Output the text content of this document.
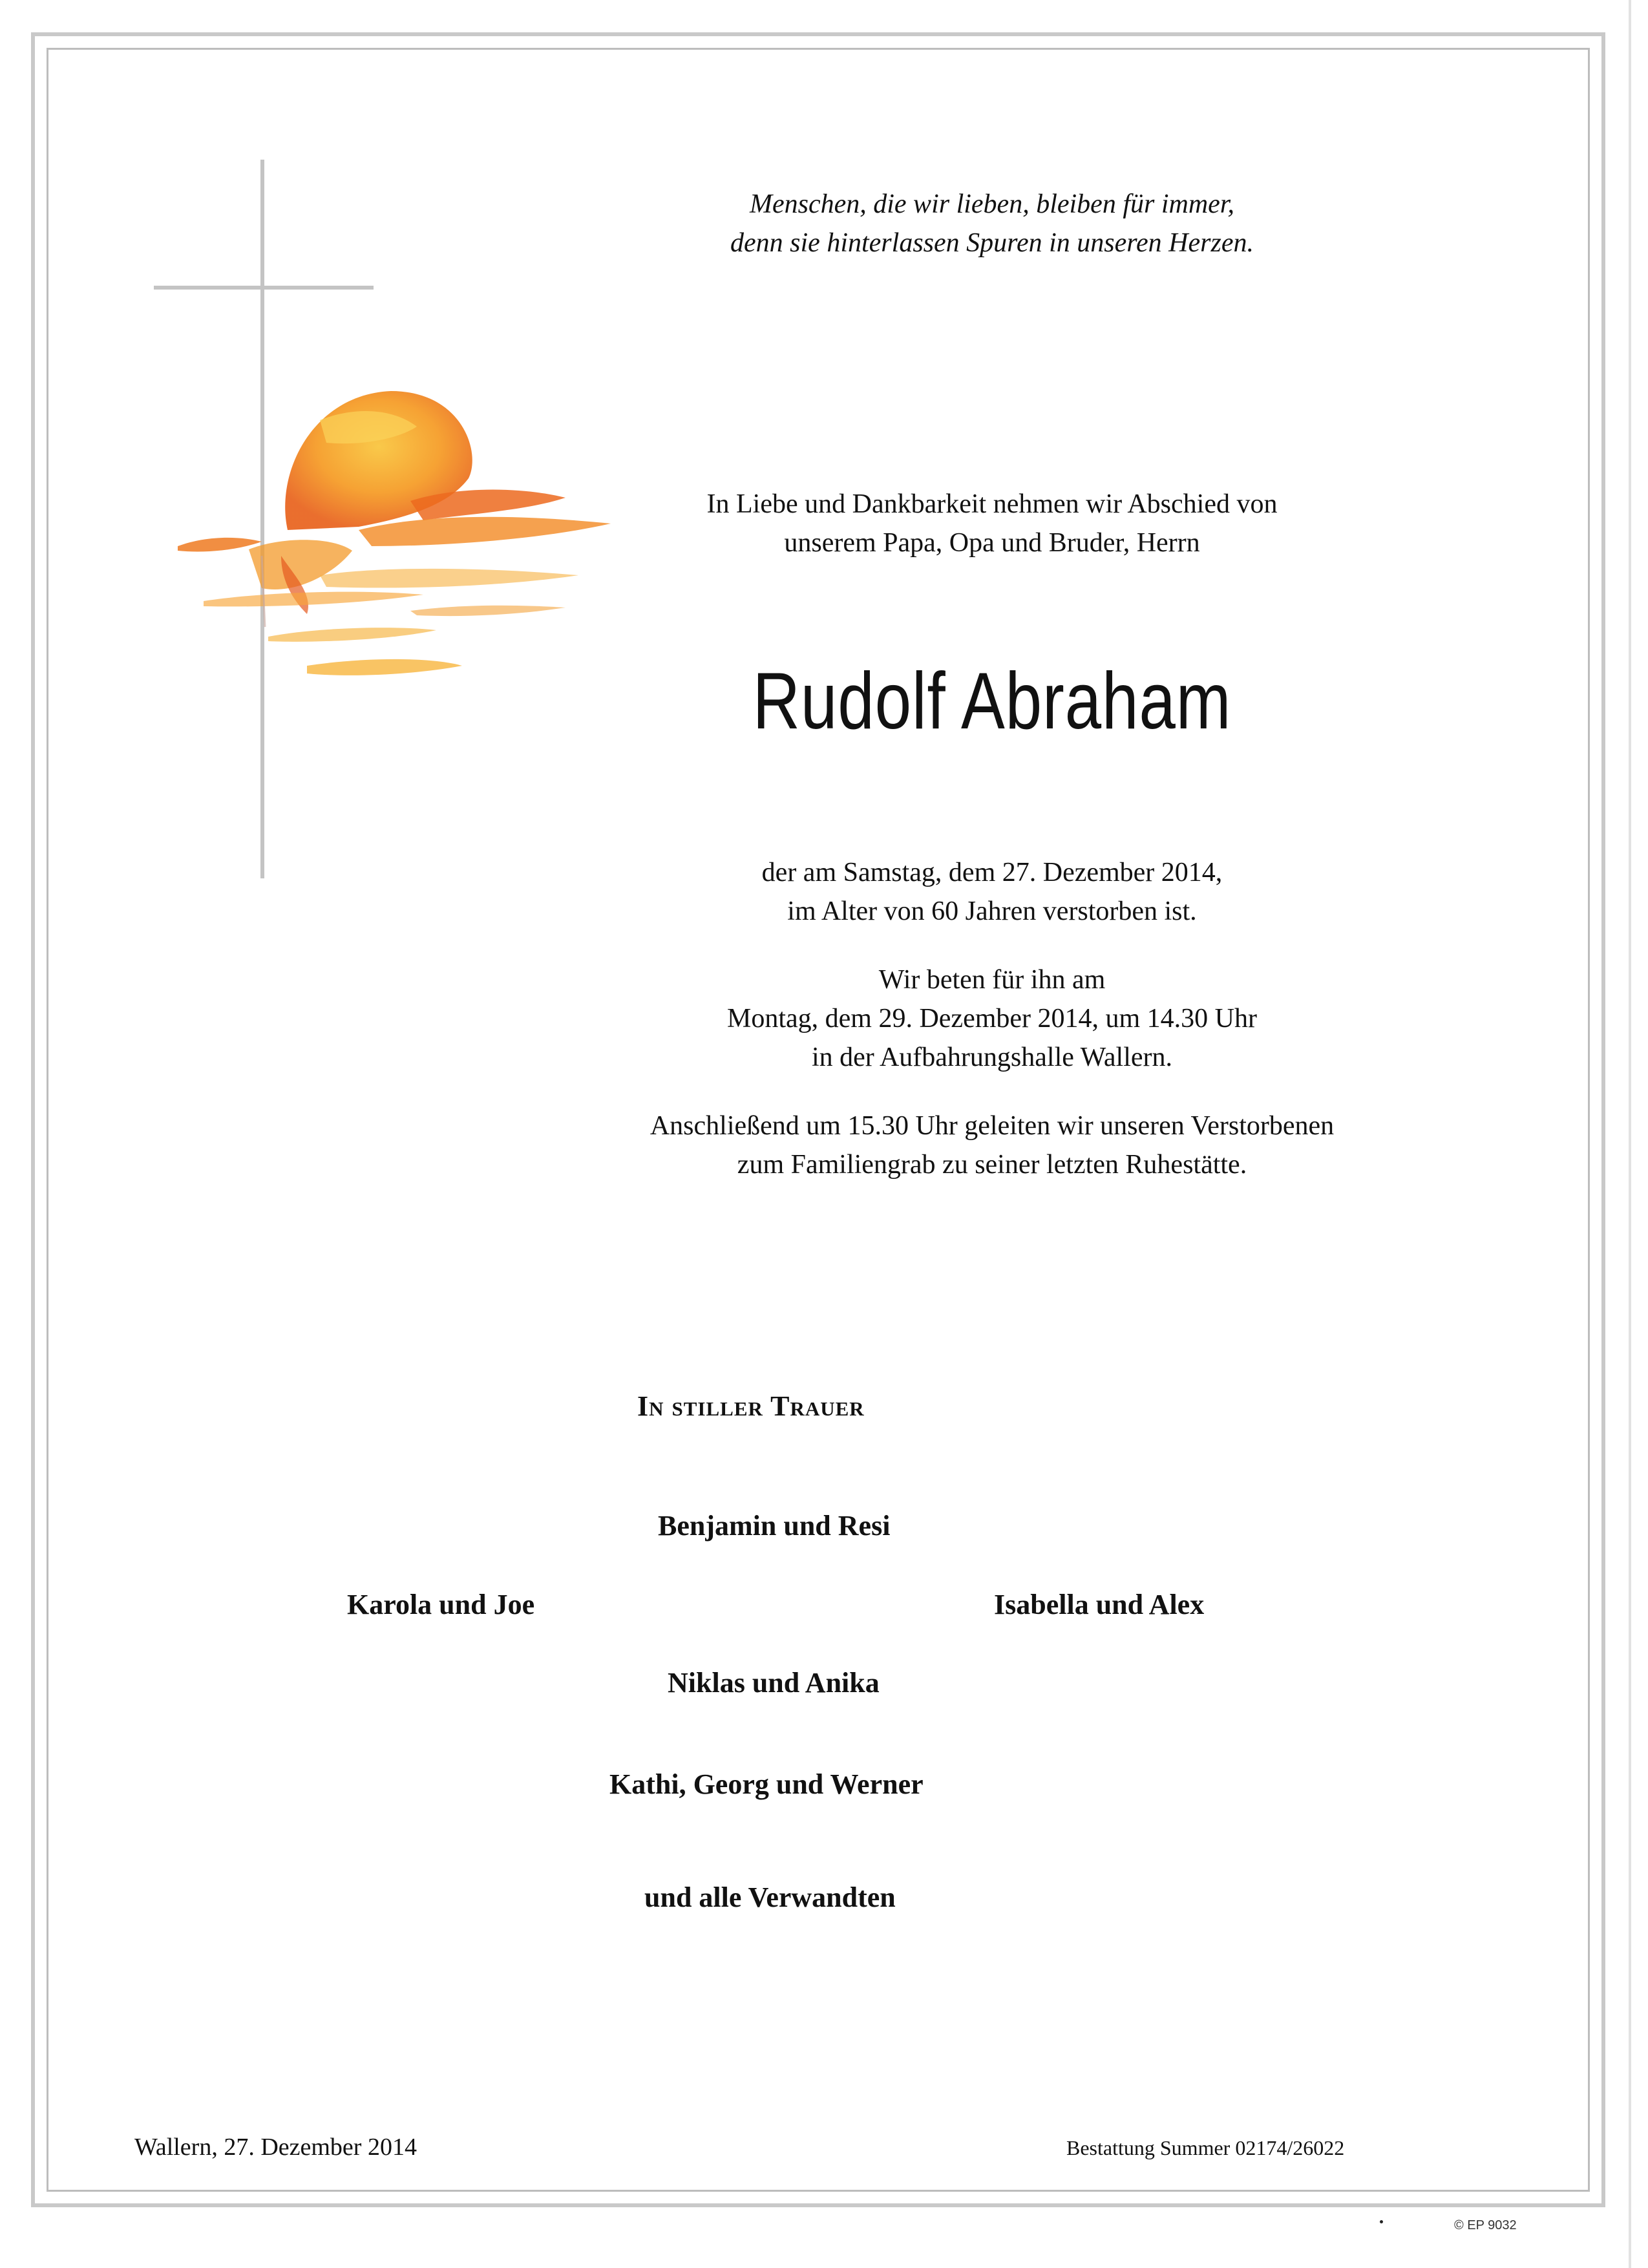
Menschen, die wir lieben, bleiben für immer,
denn sie hinterlassen Spuren in unseren Herzen.
In Liebe und Dankbarkeit nehmen wir Abschied von
unserem Papa, Opa und Bruder, Herrn
Rudolf Abraham

der am Samstag, dem 27. Dezember 2014,
im Alter von 60 Jahren verstorben ist.

Wir beten für ihn am
Montag, dem 29. Dezember 2014, um 14.30 Uhr
in der Aufbahrungshalle Wallern.

Anschließend um 15.30 Uhr geleiten wir unseren Verstorbenen
zum Familiengrab zu seiner letzten Ruhestätte.

In stiller Trauer
Benjamin und Resi
Karola und Joe	Isabella und Alex
Niklas und Anika
Kathi, Georg und Werner
und alle Verwandten
Wallern, 27. Dezember 2014	Bestattung Summer 02174/26022
© EP 9032
